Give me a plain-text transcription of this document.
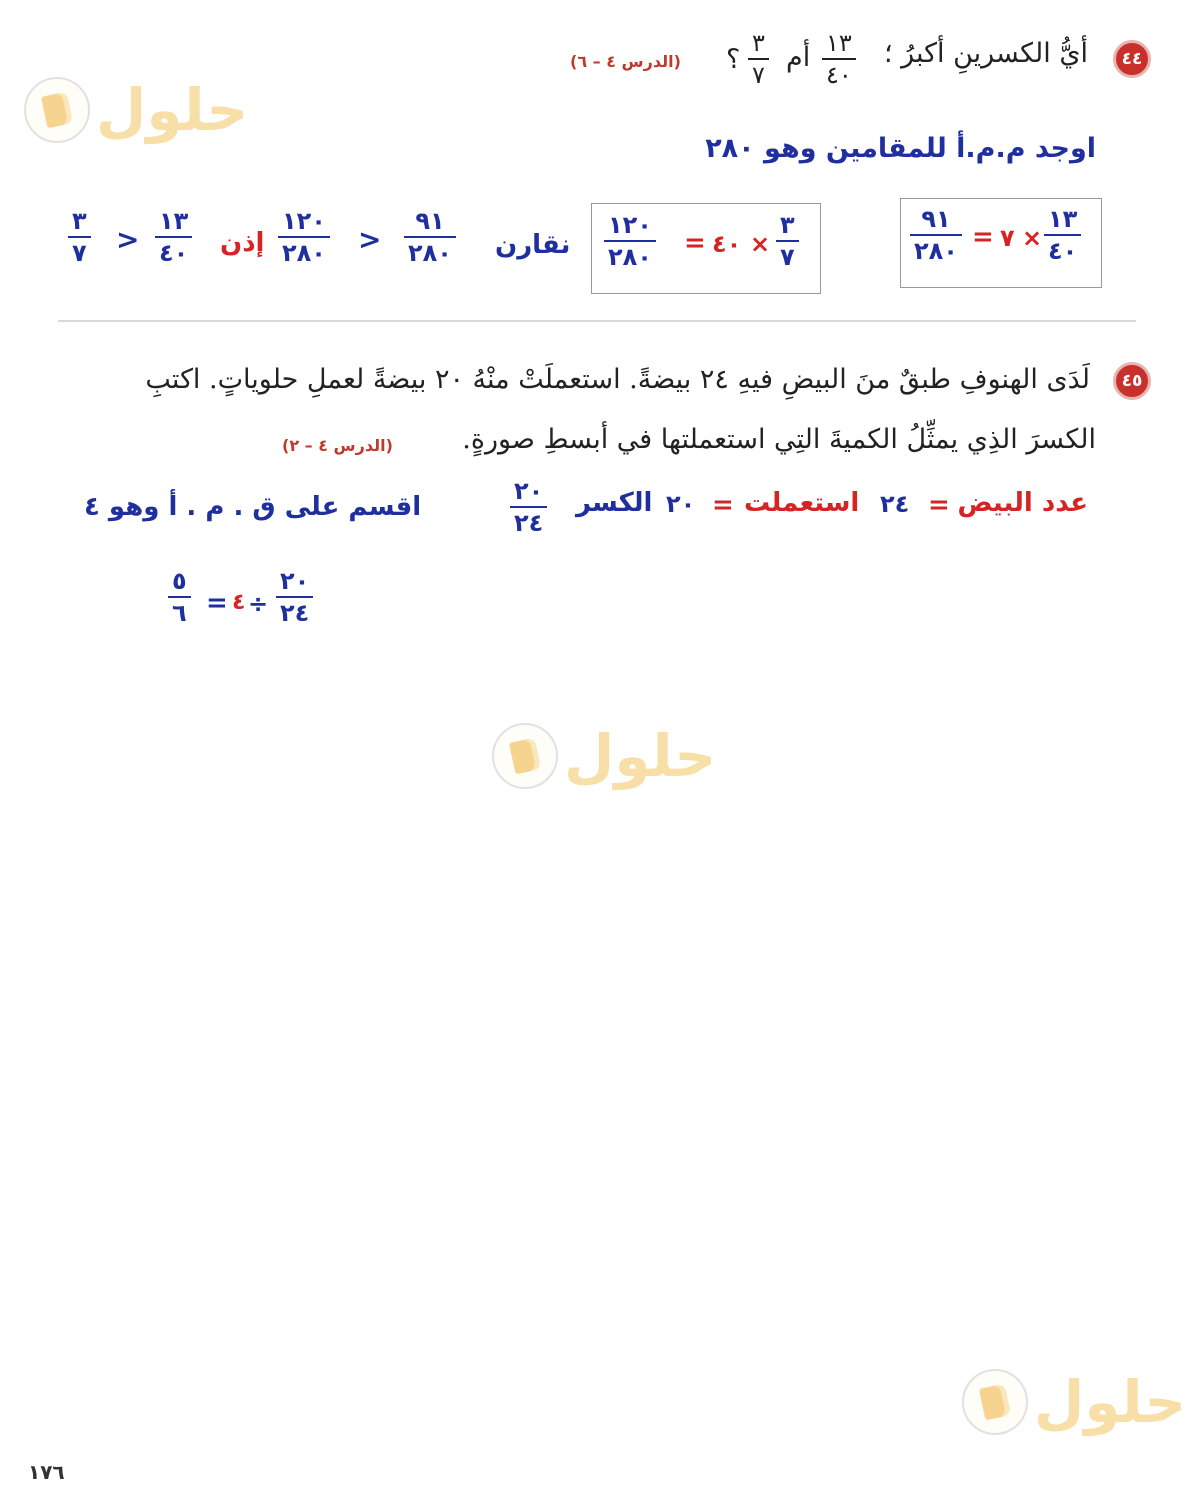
حلول
حلول
حلول
٤٤
أيُّ الكسرينِ أكبرُ ؛
١٣
٤٠
أم
٣
٧
؟
(الدرس ٤ – ٦)
اوجد م.م.أ للمقامين وهو ٢٨٠
١٣
٤٠
×
٧
=
٩١
٢٨٠
٣
٧
×
٤٠
=
١٢٠
٢٨٠
نقارن
٩١
٢٨٠
>
١٢٠
٢٨٠
إذن
١٣
٤٠
>
٣
٧
٤٥
لَدَى الهنوفِ طبقٌ منَ البيضِ فيهِ ٢٤ بيضةً. استعملَتْ منْهُ ٢٠ بيضةً لعملِ حلوياتٍ. اكتبِ
الكسرَ الذِي يمثِّلُ الكميةَ التِي استعملتها في أبسطِ صورةٍ.
(الدرس ٤ – ٢)
عدد البيض
=
٢٤
استعملت
=
٢٠
الكسر
٢٠
٢٤
اقسم على ق . م . أ وهو ٤
٢٠
٢٤
÷
٤
=
٥
٦
١٧٦
